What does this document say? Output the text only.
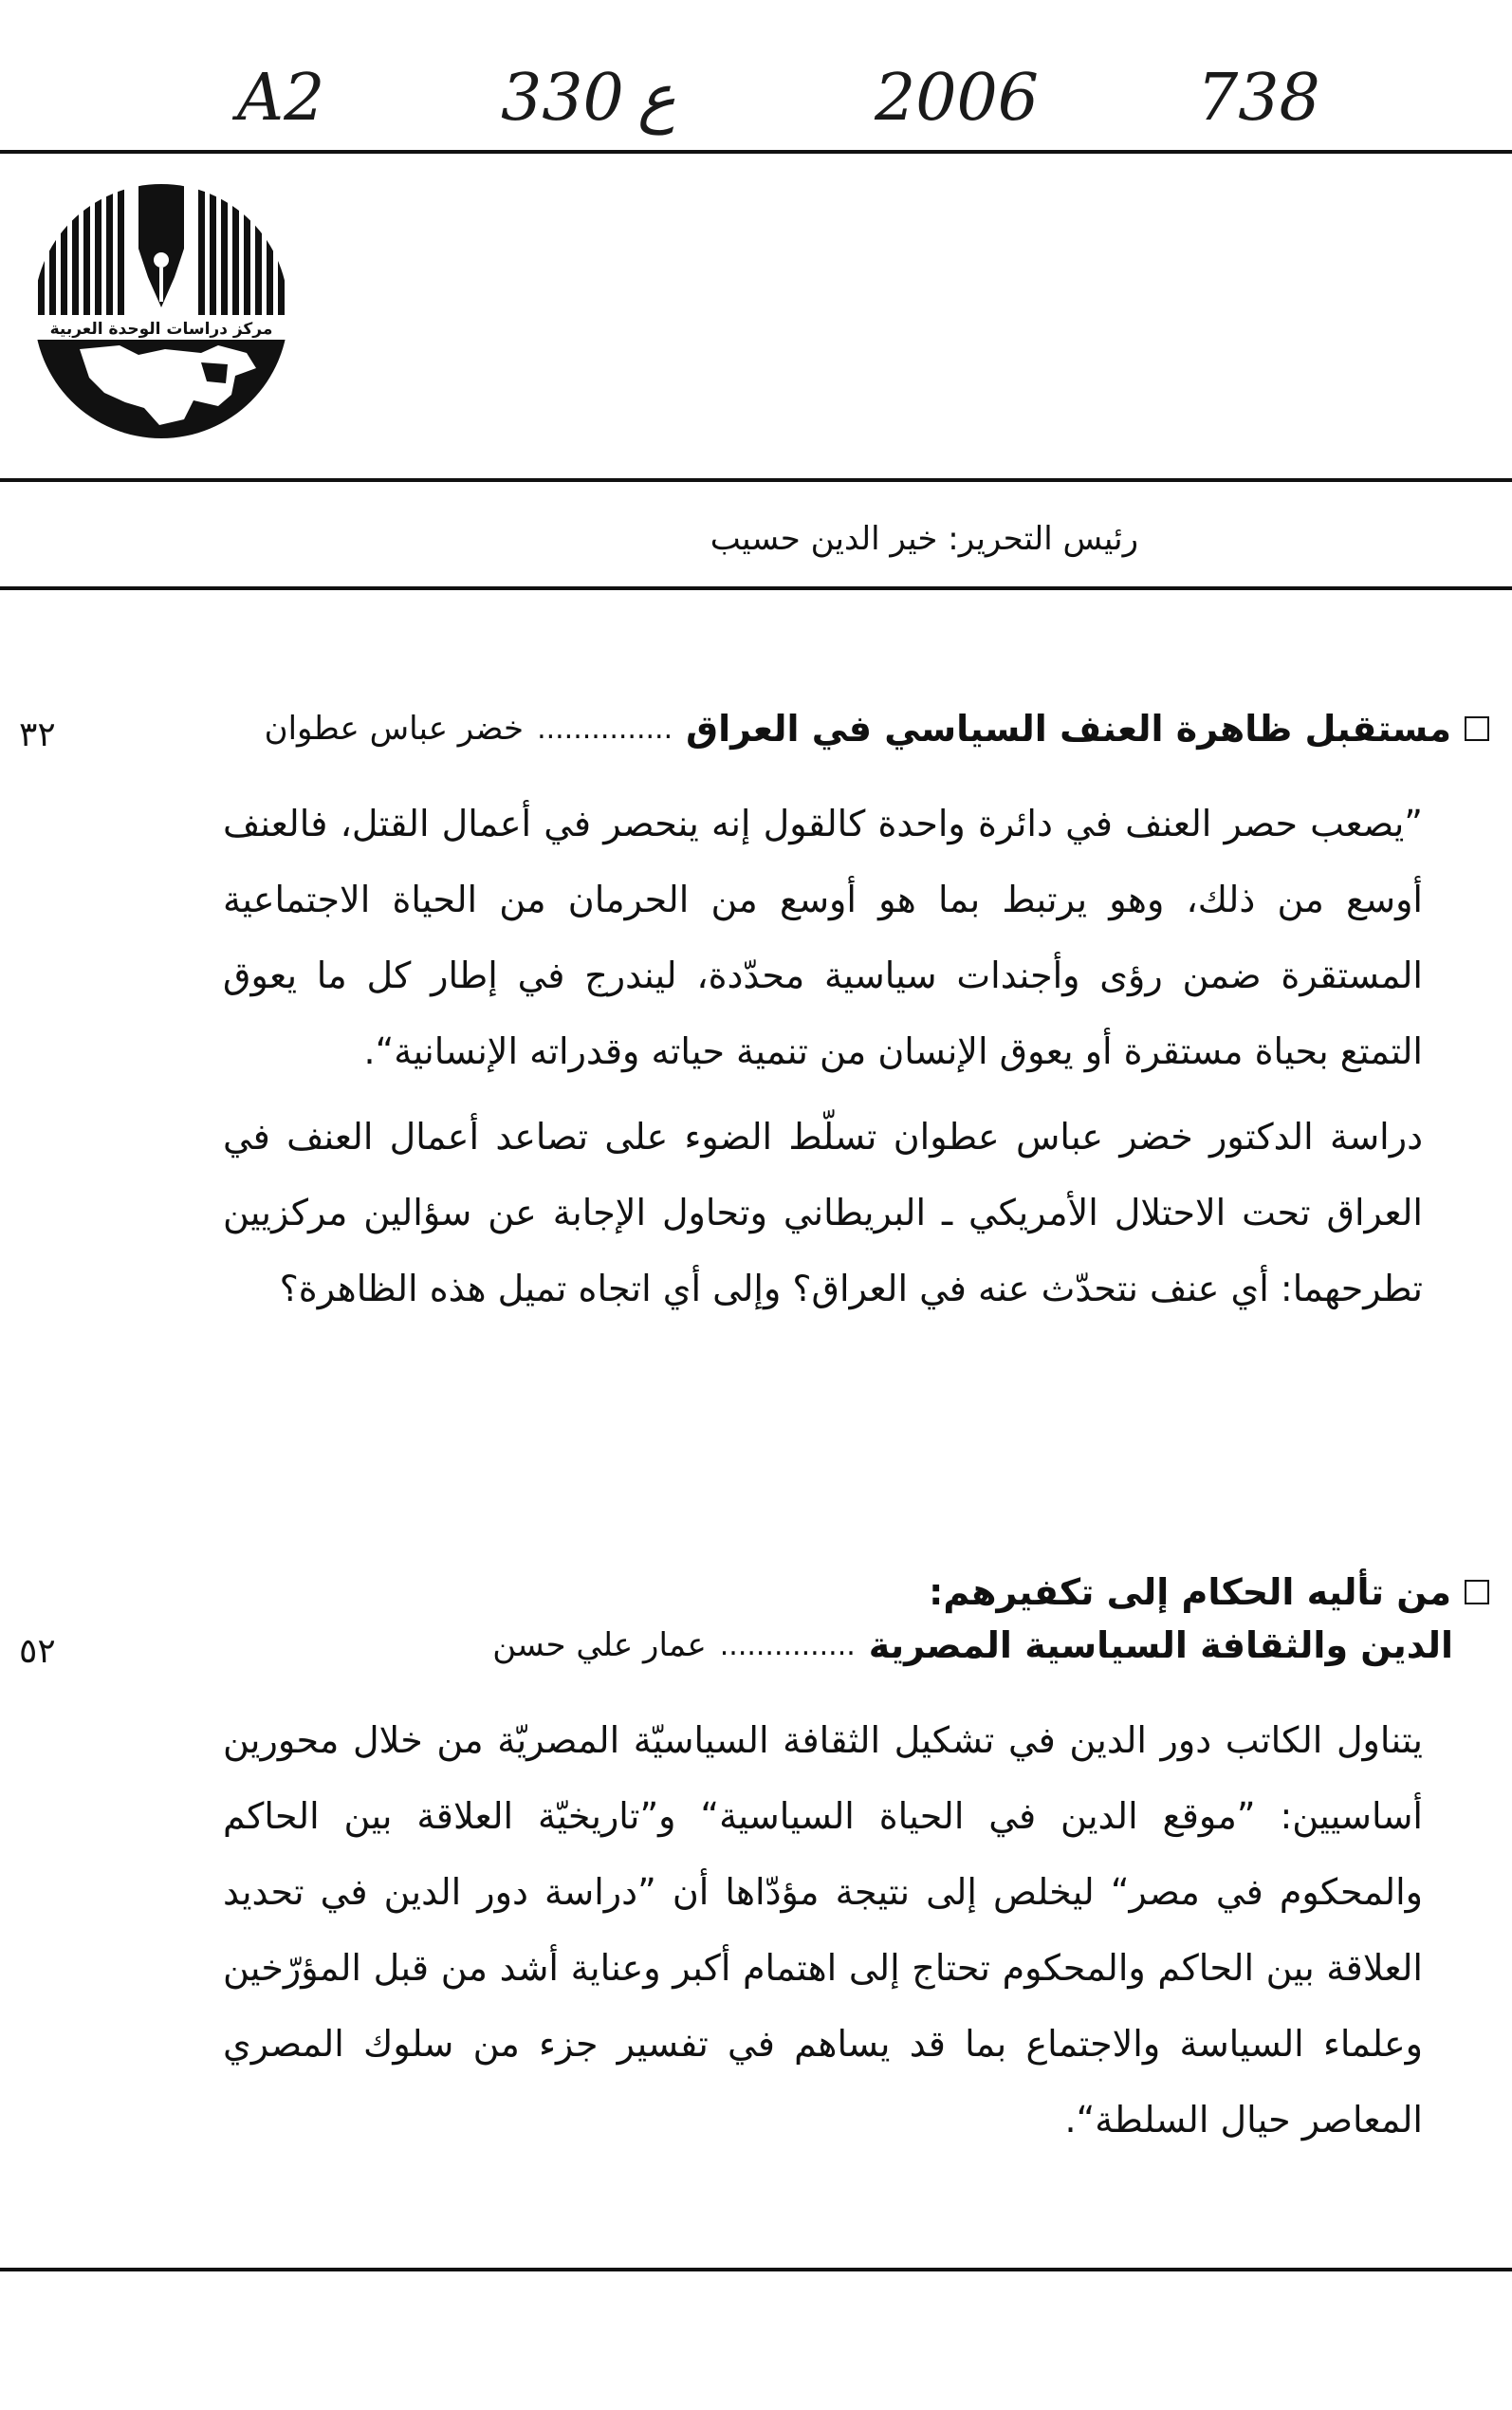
A2	330 ع	2006 738
مركز دراسات الوحدة العربية
رئيس التحرير: خير الدين حسيب
مستقبل ظاهرة العنف السياسي في العراق...............خضر عباس عطوان
٣٢

”يصعب حصر العنف في دائرة واحدة كالقول إنه ينحصر في أعمال القتل، فالعنف أوسع من ذلك، وهو يرتبط بما هو أوسع من الحرمان من الحياة الاجتماعية المستقرة ضمن رؤى وأجندات سياسية محدّدة، ليندرج في إطار كل ما يعوق التمتع بحياة مستقرة أو يعوق الإنسان من تنمية حياته وقدراته الإنسانية“.

دراسة الدكتور خضر عباس عطوان تسلّط الضوء على تصاعد أعمال العنف في العراق تحت الاحتلال الأمريكي ـ البريطاني وتحاول الإجابة عن سؤالين مركزيين تطرحهما: أي عنف نتحدّث عنه في العراق؟ وإلى أي اتجاه تميل هذه الظاهرة؟

من تأليه الحكام إلى تكفيرهم:
الدين والثقافة السياسية المصرية...............عمار علي حسن
٥٢

يتناول الكاتب دور الدين في تشكيل الثقافة السياسيّة المصريّة من خلال محورين أساسيين: ”موقع الدين في الحياة السياسية“ و”تاريخيّة العلاقة بين الحاكم والمحكوم في مصر“ ليخلص إلى نتيجة مؤدّاها أن ”دراسة دور الدين في تحديد العلاقة بين الحاكم والمحكوم تحتاج إلى اهتمام أكبر وعناية أشد من قبل المؤرّخين وعلماء السياسة والاجتماع بما قد يساهم في تفسير جزء من سلوك المصري المعاصر حيال السلطة“.
